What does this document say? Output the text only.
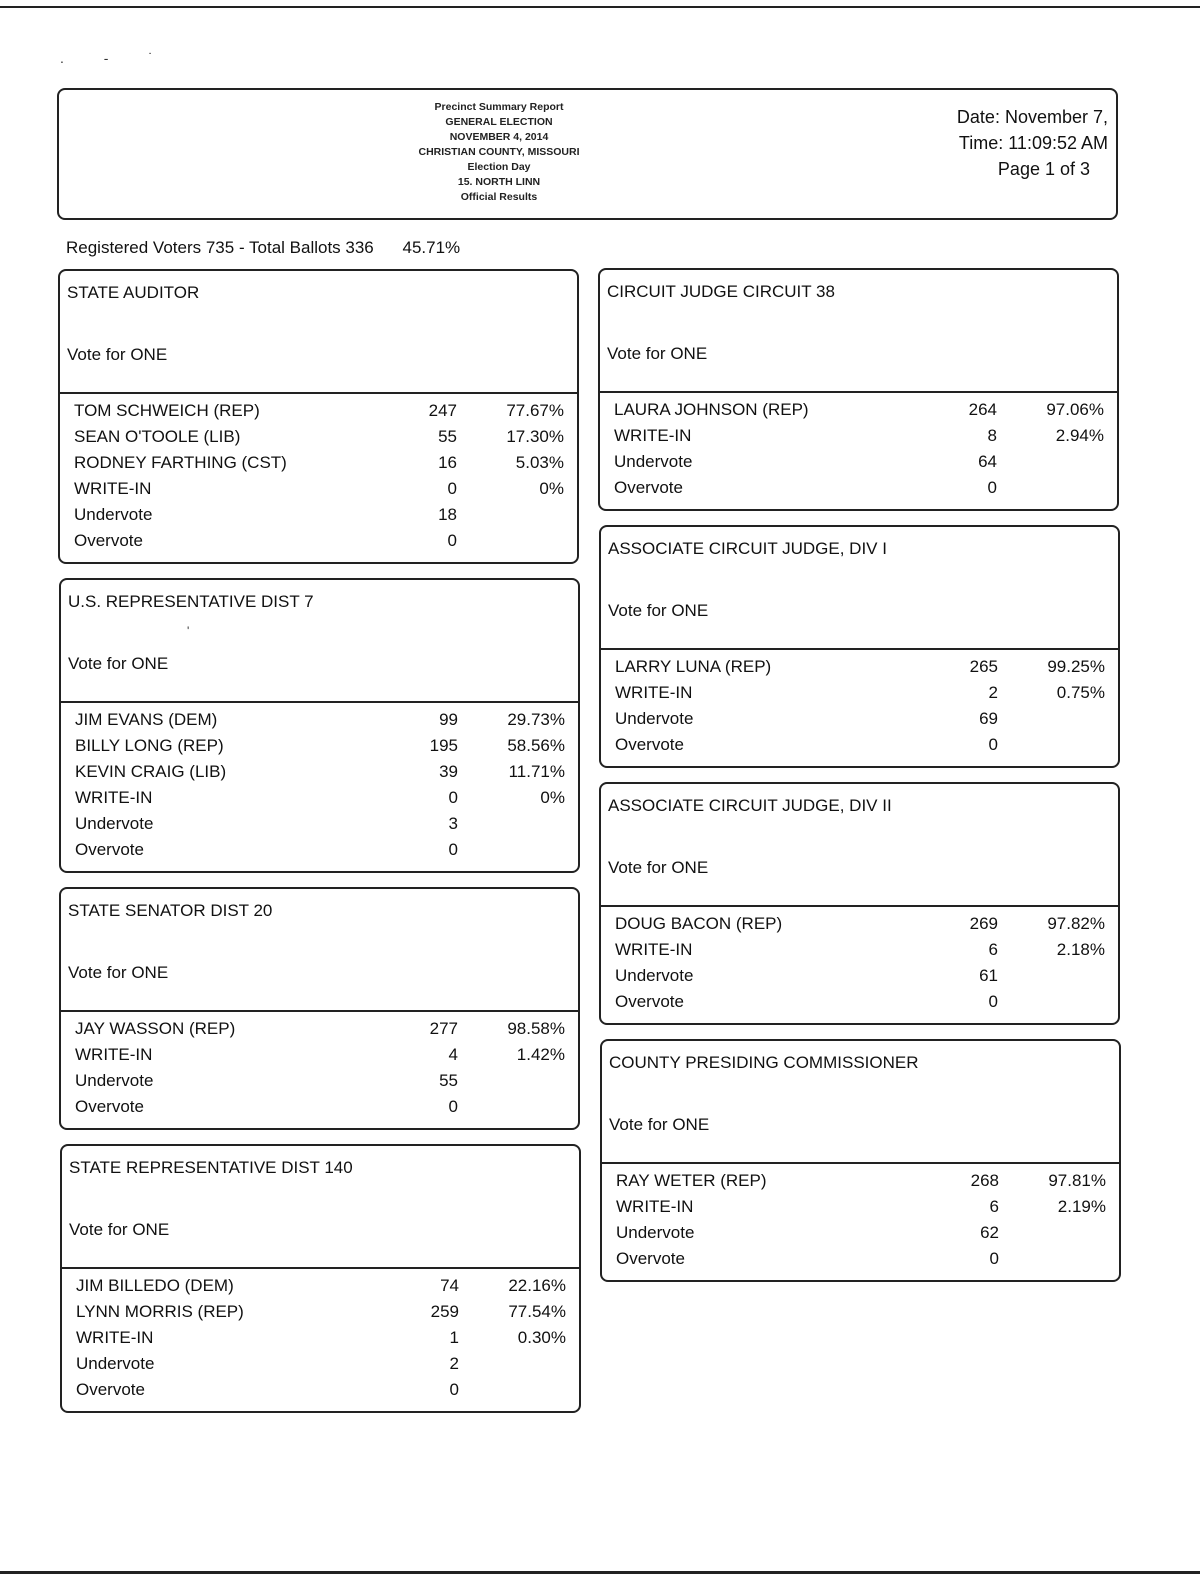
. ‐ ˙
Precinct Summary Report
GENERAL ELECTION
NOVEMBER 4, 2014
CHRISTIAN COUNTY, MISSOURI
Election Day
15. NORTH LINN
Official Results
Date: November 7,
Time: 11:09:52 AM
Page 1 of 3
Registered Voters 735 - Total Ballots 336 45.71%
STATE AUDITOR
Vote for ONE
TOM SCHWEICH (REP)	247	77.67%
SEAN O'TOOLE (LIB)	55	17.30%
RODNEY FARTHING (CST)	16	5.03%
WRITE-IN	0	0%
Undervote	18
Overvote	0
U.S. REPRESENTATIVE DIST 7
'
Vote for ONE
JIM EVANS (DEM)	99	29.73%
BILLY LONG (REP)	195	58.56%
KEVIN CRAIG (LIB)	39	11.71%
WRITE-IN	0	0%
Undervote	3
Overvote	0
STATE SENATOR DIST 20
Vote for ONE
JAY WASSON (REP)	277	98.58%
WRITE-IN	4	1.42%
Undervote	55
Overvote	0
STATE REPRESENTATIVE DIST 140
Vote for ONE
JIM BILLEDO (DEM)	74	22.16%
LYNN MORRIS (REP)	259	77.54%
WRITE-IN	1	0.30%
Undervote	2
Overvote	0
CIRCUIT JUDGE CIRCUIT 38
Vote for ONE
LAURA JOHNSON (REP)	264	97.06%
WRITE-IN	8	2.94%
Undervote	64
Overvote	0
ASSOCIATE CIRCUIT JUDGE, DIV I
Vote for ONE
LARRY LUNA (REP)	265	99.25%
WRITE-IN	2	0.75%
Undervote	69
Overvote	0
ASSOCIATE CIRCUIT JUDGE, DIV II
Vote for ONE
DOUG BACON (REP)	269	97.82%
WRITE-IN	6	2.18%
Undervote	61
Overvote	0
COUNTY PRESIDING COMMISSIONER
Vote for ONE
RAY WETER (REP)	268	97.81%
WRITE-IN	6	2.19%
Undervote	62
Overvote	0
